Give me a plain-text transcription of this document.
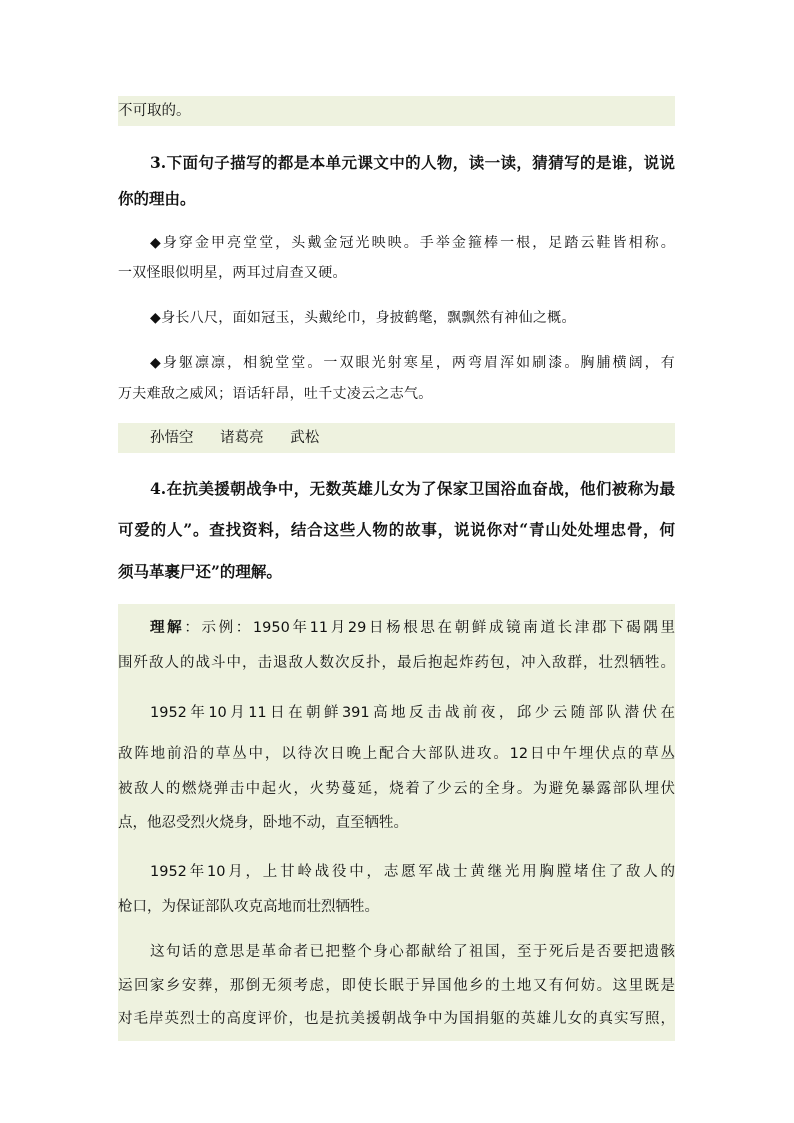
不可取的。
3.下面句子描写的都是本单元课文中的人物，读一读，猜猜写的是谁，说说
你的理由。
◆身穿金甲亮堂堂，头戴金冠光映映。手举金箍棒一根，足踏云鞋皆相称。
一双怪眼似明星，两耳过肩查又硬。
◆身长八尺，面如冠玉，头戴纶巾，身披鹤氅，飘飘然有神仙之概。
◆身躯凛凛，相貌堂堂。一双眼光射寒星，两弯眉浑如刷漆。胸脯横阔，有
万夫难敌之威风；语话轩昂，吐千丈凌云之志气。
孙悟空 诸葛亮 武松
4.在抗美援朝战争中，无数英雄儿女为了保家卫国浴血奋战，他们被称为最
可爱的人”。查找资料，结合这些人物的故事，说说你对“青山处处埋忠骨，何
须马革裹尸还”的理解。
理解：示例：1950年11月29日杨根思在朝鲜成镜南道长津郡下碣隅里
围歼敌人的战斗中，击退敌人数次反扑，最后抱起炸药包，冲入敌群，壮烈牺牲。
1952年10月11日在朝鲜391高地反击战前夜，邱少云随部队潜伏在
敌阵地前沿的草丛中，以待次日晚上配合大部队进攻。12日中午埋伏点的草丛
被敌人的燃烧弹击中起火，火势蔓延，烧着了少云的全身。为避免暴露部队埋伏
点，他忍受烈火烧身，卧地不动，直至牺牲。
1952年10月，上甘岭战役中，志愿军战士黄继光用胸膛堵住了敌人的
枪口，为保证部队攻克高地而壮烈牺牲。
这句话的意思是革命者已把整个身心都献给了祖国，至于死后是否要把遗骸
运回家乡安葬，那倒无须考虑，即使长眠于异国他乡的土地又有何妨。这里既是
对毛岸英烈士的高度评价，也是抗美援朝战争中为国捐躯的英雄儿女的真实写照，
